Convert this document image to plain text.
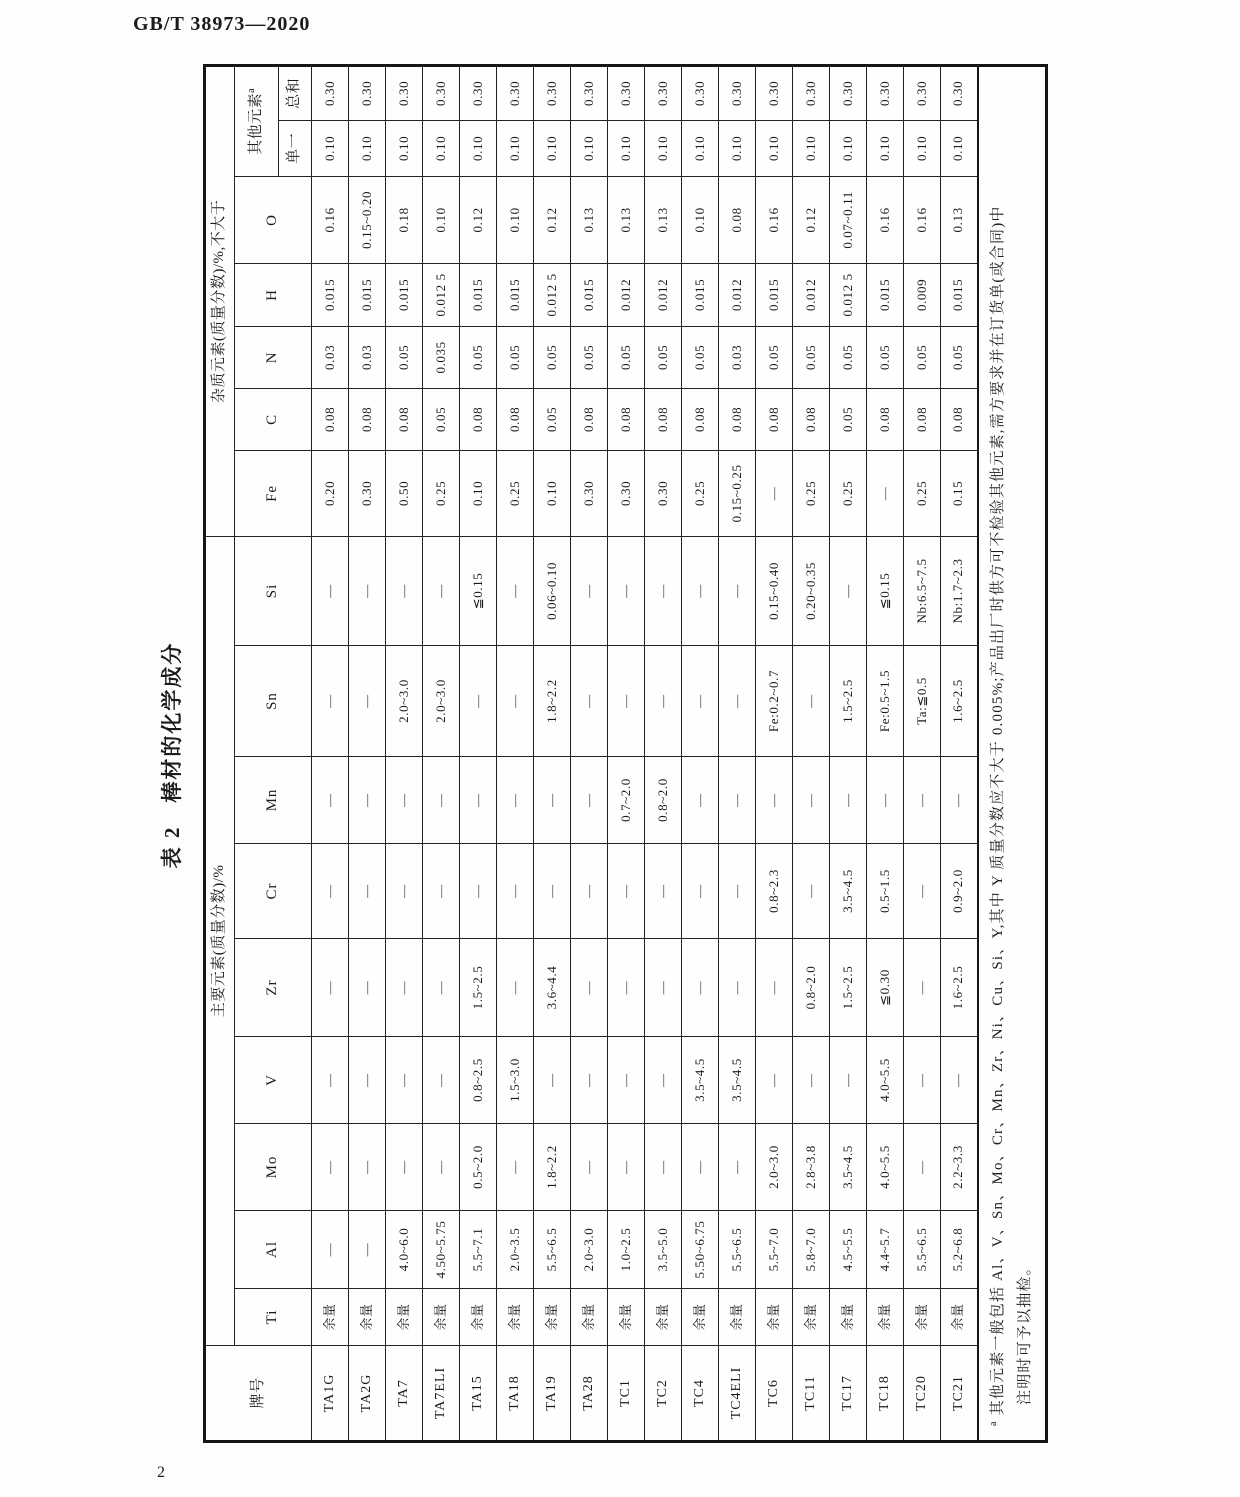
GB/T 38973—2020
表 2　棒材的化学成分
牌号	主要元素(质量分数)/%									杂质元素(质量分数)/%,不大于						
	Ti	Al	Mo	V	Zr	Cr	Mn	Sn	Si	Fe	C	N	H	O	其他元素$^a$
															单一	总和
TA1G	余量	—	—	—	—	—	—	—	—	0.20	0.08	0.03	0.015	0.16	0.10	0.30
TA2G	余量	—	—	—	—	—	—	—	—	0.30	0.08	0.03	0.015	0.15~0.20	0.10	0.30
TA7	余量	4.0~6.0	—	—	—	—	—	2.0~3.0	—	0.50	0.08	0.05	0.015	0.18	0.10	0.30
TA7ELI	余量	4.50~5.75	—	—	—	—	—	2.0~3.0	—	0.25	0.05	0.035	0.012 5	0.10	0.10	0.30
TA15	余量	5.5~7.1	0.5~2.0	0.8~2.5	1.5~2.5	—	—	—	≦0.15	0.10	0.08	0.05	0.015	0.12	0.10	0.30
TA18	余量	2.0~3.5	—	1.5~3.0	—	—	—	—	—	0.25	0.08	0.05	0.015	0.10	0.10	0.30
TA19	余量	5.5~6.5	1.8~2.2	—	3.6~4.4	—	—	1.8~2.2	0.06~0.10	0.10	0.05	0.05	0.012 5	0.12	0.10	0.30
TA28	余量	2.0~3.0	—	—	—	—	—	—	—	0.30	0.08	0.05	0.015	0.13	0.10	0.30
TC1	余量	1.0~2.5	—	—	—	—	0.7~2.0	—	—	0.30	0.08	0.05	0.012	0.13	0.10	0.30
TC2	余量	3.5~5.0	—	—	—	—	0.8~2.0	—	—	0.30	0.08	0.05	0.012	0.13	0.10	0.30
TC4	余量	5.50~6.75	—	3.5~4.5	—	—	—	—	—	0.25	0.08	0.05	0.015	0.10	0.10	0.30
TC4ELI	余量	5.5~6.5	—	3.5~4.5	—	—	—	—	—	0.15~0.25	0.08	0.03	0.012	0.08	0.10	0.30
TC6	余量	5.5~7.0	2.0~3.0	—	—	0.8~2.3	—	Fe:0.2~0.7	0.15~0.40	—	0.08	0.05	0.015	0.16	0.10	0.30
TC11	余量	5.8~7.0	2.8~3.8	—	0.8~2.0	—	—	—	0.20~0.35	0.25	0.08	0.05	0.012	0.12	0.10	0.30
TC17	余量	4.5~5.5	3.5~4.5	—	1.5~2.5	3.5~4.5	—	1.5~2.5	—	0.25	0.05	0.05	0.012 5	0.07~0.11	0.10	0.30
TC18	余量	4.4~5.7	4.0~5.5	4.0~5.5	≦0.30	0.5~1.5	—	Fe:0.5~1.5	≦0.15	—	0.08	0.05	0.015	0.16	0.10	0.30
TC20	余量	5.5~6.5	—	—	—	—	—	Ta:≦0.5	Nb:6.5~7.5	0.25	0.08	0.05	0.009	0.16	0.10	0.30
TC21	余量	5.2~6.8	2.2~3.3	—	1.6~2.5	0.9~2.0	—	1.6~2.5	Nb:1.7~2.3	0.15	0.08	0.05	0.015	0.13	0.10	0.30

$^a$ 其他元素一般包括 Al、V、Sn、Mo、Cr、Mn、Zr、Ni、Cu、Si、Y,其中 Y 质量分数应不大于 0.005%;产品出厂时供方可不检验其他元素,需方要求并在订货单(或合同)中 注明时可予以抽检。																
2
